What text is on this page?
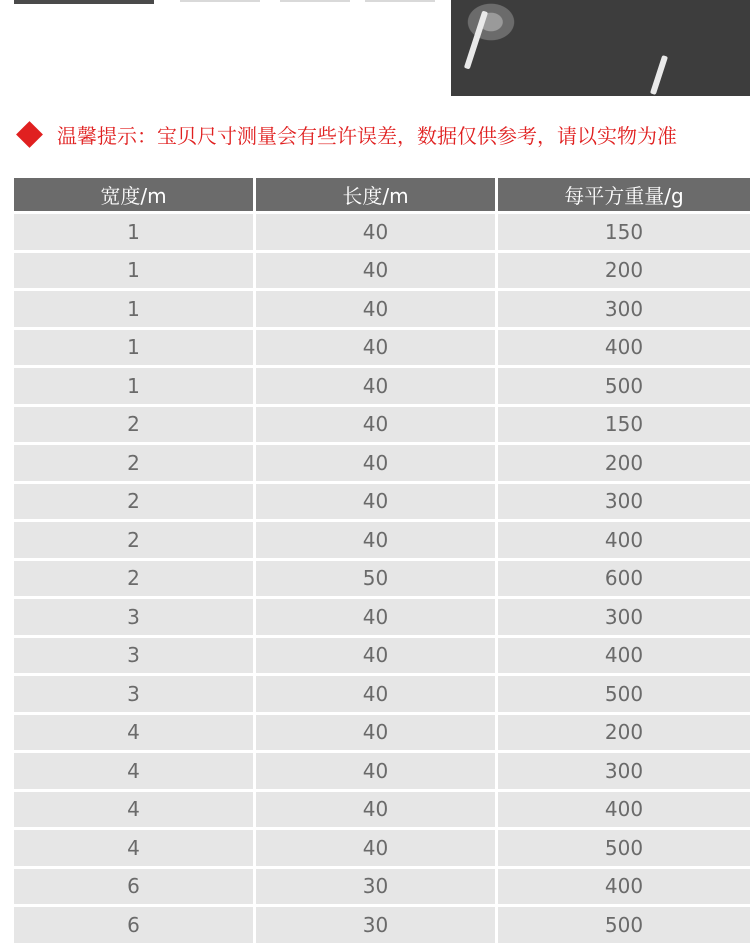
温馨提示：宝贝尺寸测量会有些许误差，数据仅供参考，请以实物为准
宽度/m	长度/m	每平方重量/g
1	40	150
1	40	200
1	40	300
1	40	400
1	40	500
2	40	150
2	40	200
2	40	300
2	40	400
2	50	600
3	40	300
3	40	400
3	40	500
4	40	200
4	40	300
4	40	400
4	40	500
6	30	400
6	30	500
